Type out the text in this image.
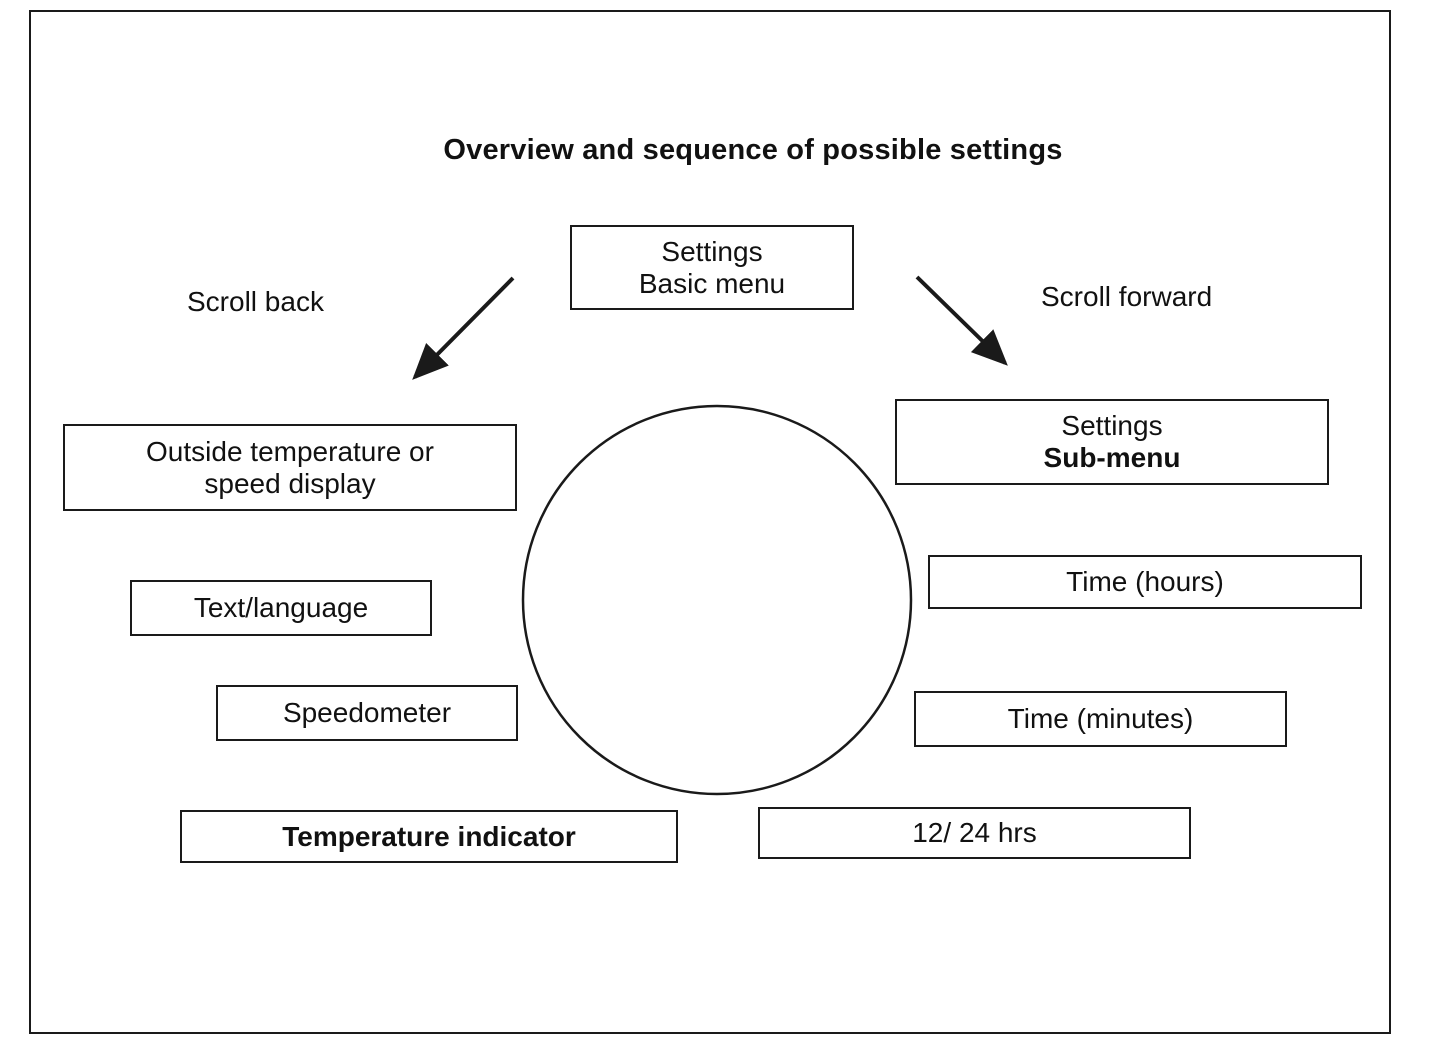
Overview and sequence of possible settings
Scroll back	Scroll forward
Settings
Basic menu
Outside temperature or
speed display
Text/language
Speedometer
Temperature indicator
Settings
Sub-menu
Time (hours)
Time (minutes)
12/ 24 hrs
